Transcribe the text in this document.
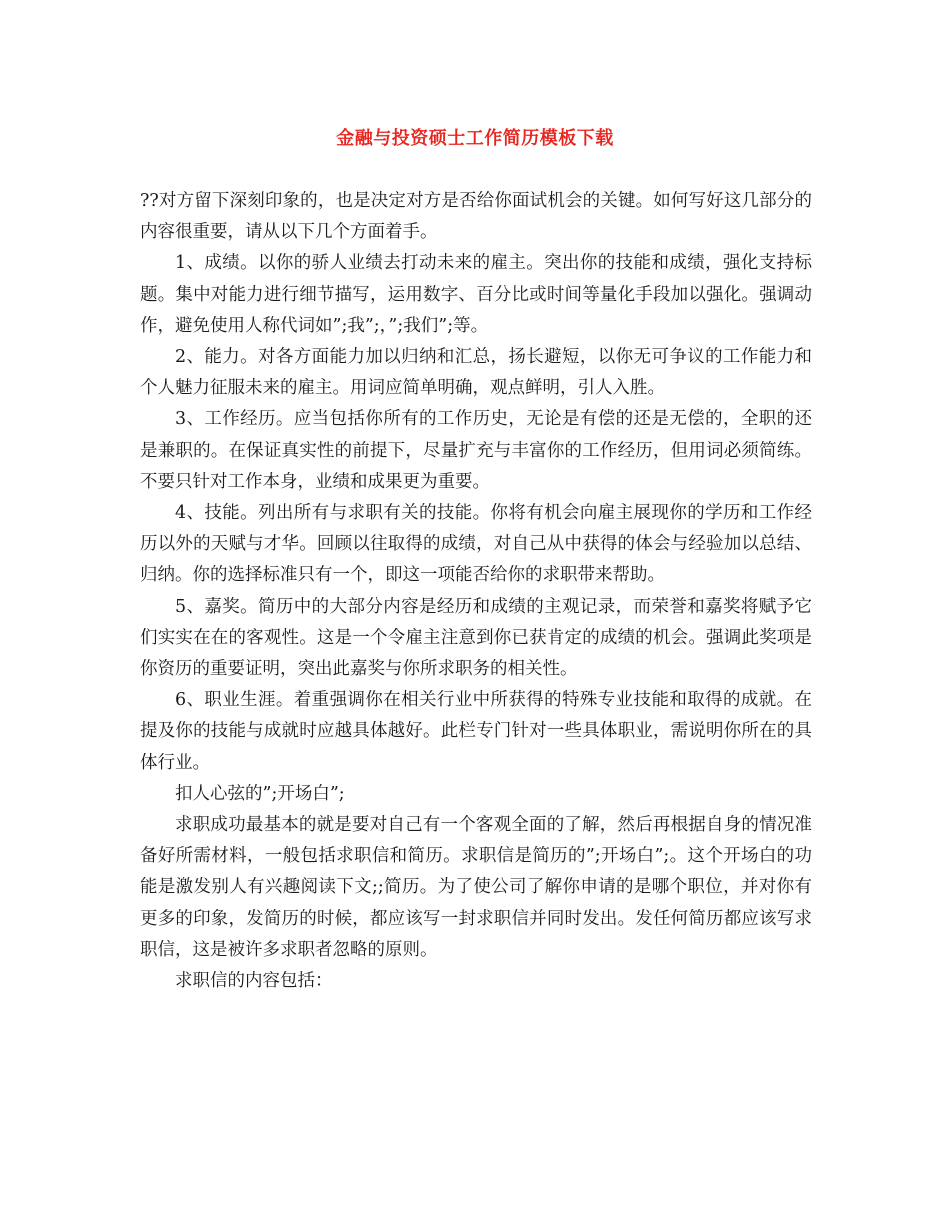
金融与投资硕士工作简历模板下载

??对方留下深刻印象的，也是决定对方是否给你面试机会的关键。如何写好这几部分的内容很重要，请从以下几个方面着手。

1、成绩。以你的骄人业绩去打动未来的雇主。突出你的技能和成绩，强化支持标题。集中对能力进行细节描写，运用数字、百分比或时间等量化手段加以强化。强调动作，避免使用人称代词如”;我”;，”;我们”;等。

2、能力。对各方面能力加以归纳和汇总，扬长避短，以你无可争议的工作能力和个人魅力征服未来的雇主。用词应简单明确，观点鲜明，引人入胜。

3、工作经历。应当包括你所有的工作历史，无论是有偿的还是无偿的，全职的还是兼职的。在保证真实性的前提下，尽量扩充与丰富你的工作经历，但用词必须简练。不要只针对工作本身，业绩和成果更为重要。

4、技能。列出所有与求职有关的技能。你将有机会向雇主展现你的学历和工作经历以外的天赋与才华。回顾以往取得的成绩，对自己从中获得的体会与经验加以总结、归纳。你的选择标准只有一个，即这一项能否给你的求职带来帮助。

5、嘉奖。简历中的大部分内容是经历和成绩的主观记录，而荣誉和嘉奖将赋予它们实实在在的客观性。这是一个令雇主注意到你已获肯定的成绩的机会。强调此奖项是你资历的重要证明，突出此嘉奖与你所求职务的相关性。

6、职业生涯。着重强调你在相关行业中所获得的特殊专业技能和取得的成就。在提及你的技能与成就时应越具体越好。此栏专门针对一些具体职业，需说明你所在的具体行业。

扣人心弦的”;开场白”;

求职成功最基本的就是要对自己有一个客观全面的了解，然后再根据自身的情况准备好所需材料，一般包括求职信和简历。求职信是简历的”;开场白”;。这个开场白的功能是激发别人有兴趣阅读下文;;简历。为了使公司了解你申请的是哪个职位，并对你有更多的印象，发简历的时候，都应该写一封求职信并同时发出。发任何简历都应该写求职信，这是被许多求职者忽略的原则。

求职信的内容包括：
